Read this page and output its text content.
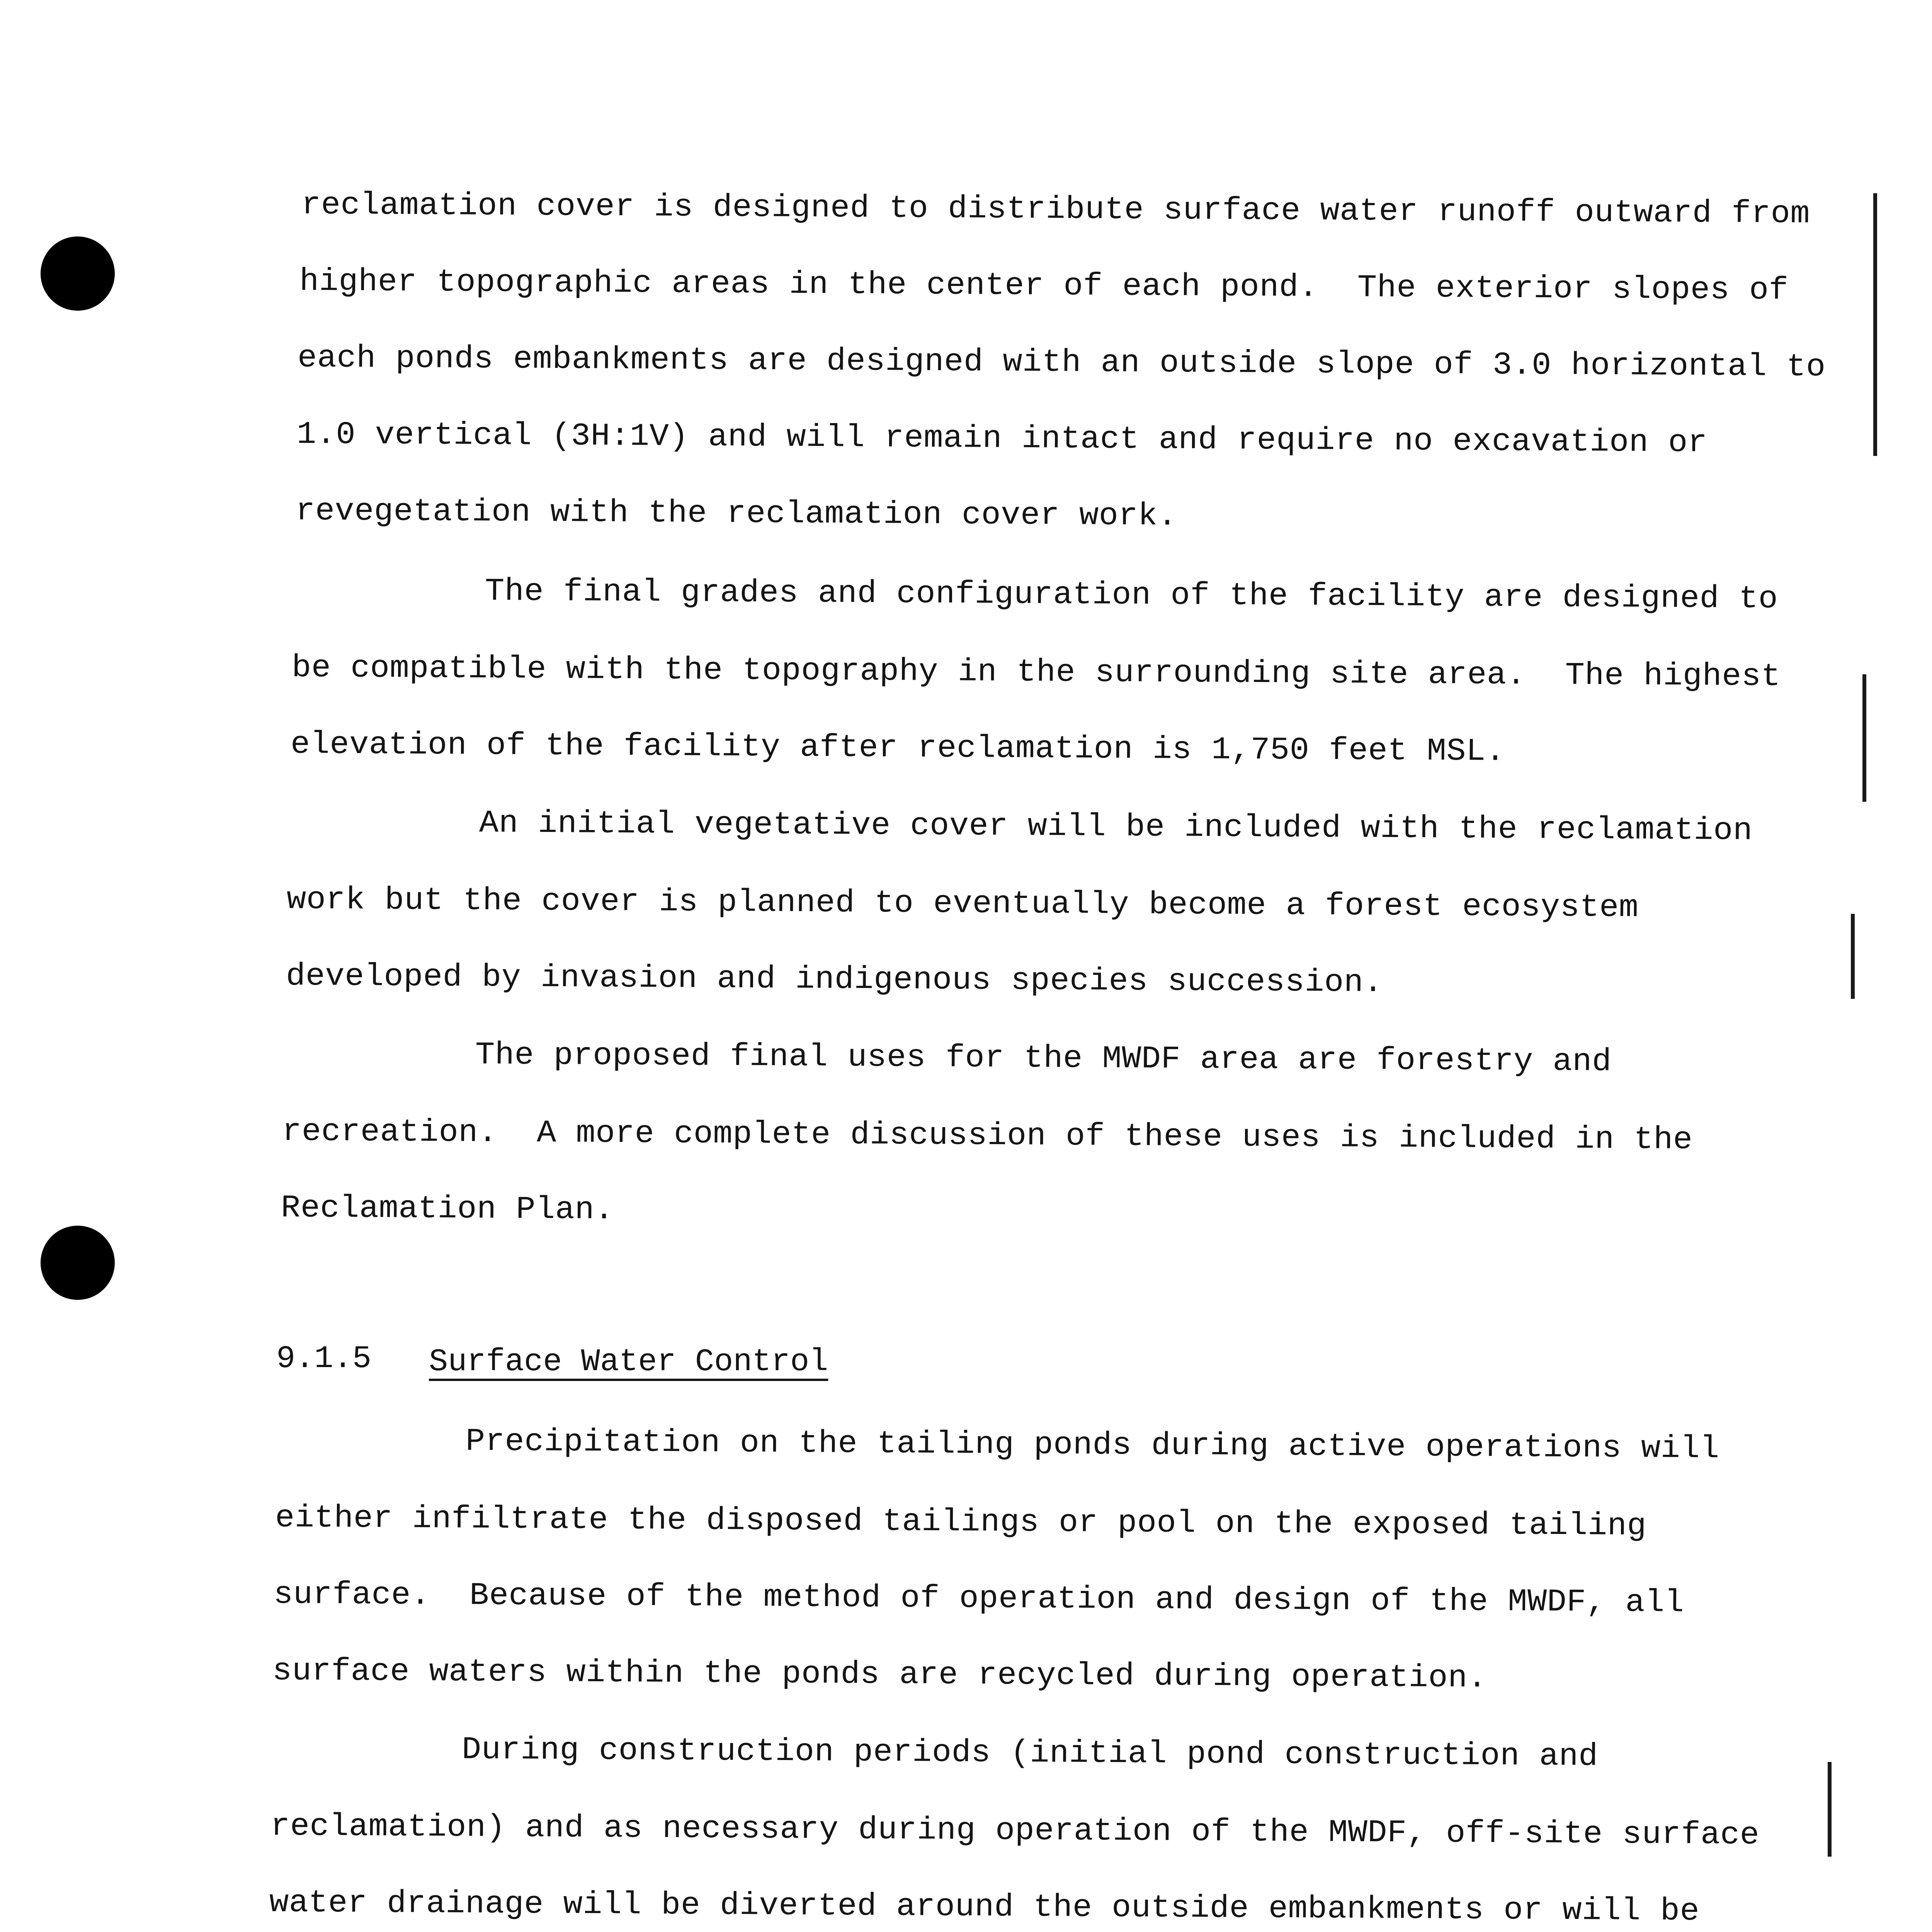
reclamation cover is designed to distribute surface water runoff outward from

higher topographic areas in the center of each pond.  The exterior slopes of

each ponds embankments are designed with an outside slope of 3.0 horizontal to

1.0 vertical (3H:1V) and will remain intact and require no excavation or

revegetation with the reclamation cover work.

The final grades and configuration of the facility are designed to

be compatible with the topography in the surrounding site area.  The highest

elevation of the facility after reclamation is 1,750 feet MSL.

An initial vegetative cover will be included with the reclamation

work but the cover is planned to eventually become a forest ecosystem

developed by invasion and indigenous species succession.

The proposed final uses for the MWDF area are forestry and

recreation.  A more complete discussion of these uses is included in the

Reclamation Plan.

9.1.5 Surface Water Control

Precipitation on the tailing ponds during active operations will

either infiltrate the disposed tailings or pool on the exposed tailing

surface.  Because of the method of operation and design of the MWDF, all

surface waters within the ponds are recycled during operation.

During construction periods (initial pond construction and

reclamation) and as necessary during operation of the MWDF, off-site surface

water drainage will be diverted around the outside embankments or will be
